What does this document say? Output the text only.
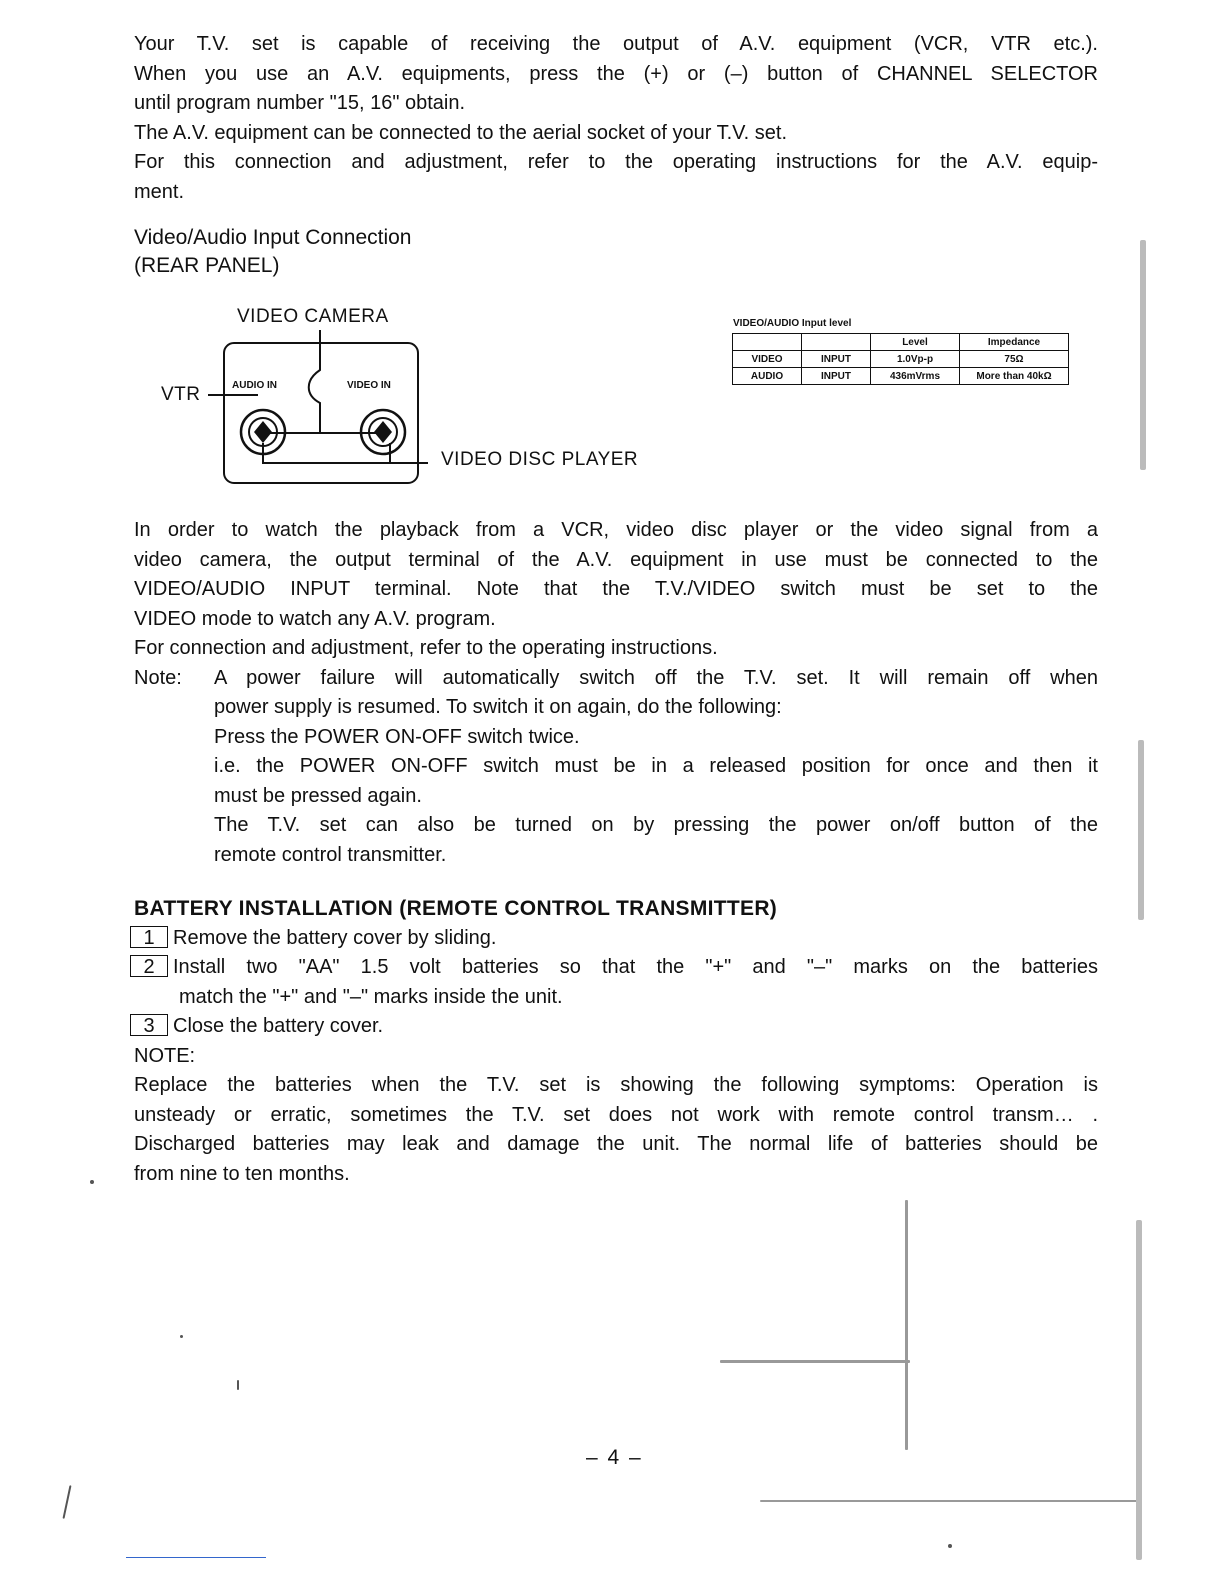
Your T.V. set is capable of receiving the output of A.V. equipment (VCR, VTR etc.).

When you use an A.V. equipments, press the (+) or (–) button of CHANNEL SELECTOR

until program number "15, 16" obtain.

The A.V. equipment can be connected to the aerial socket of your T.V. set.

For this connection and adjustment, refer to the operating instructions for the A.V. equip-

ment.

Video/Audio Input Connection
(REAR PANEL)
VIDEO CAMERA
VTR
VIDEO DISC PLAYER
AUDIO IN	VIDEO IN
VIDEO/AUDIO Input level
		Level	Impedance
VIDEO	INPUT	1.0Vp-p	75Ω
AUDIO	INPUT	436mVrms	More than 40kΩ

In order to watch the playback from a VCR, video disc player or the video signal from a

video camera, the output terminal of the A.V. equipment in use must be connected to the

VIDEO/AUDIO INPUT terminal. Note that the T.V./VIDEO switch must be set to the

VIDEO mode to watch any A.V. program.

For connection and adjustment, refer to the operating instructions.

Note:	A power failure will automatically switch off the T.V. set. It will remain off when

power supply is resumed. To switch it on again, do the following:

Press the POWER ON-OFF switch twice.

i.e. the POWER ON-OFF switch must be in a released position for once and then it

must be pressed again.

The T.V. set can also be turned on by pressing the power on/off button of the

remote control transmitter.

BATTERY INSTALLATION (REMOTE CONTROL TRANSMITTER)

1 Remove the battery cover by sliding.
2 Install two "AA" 1.5 volt batteries so that the "+" and "–" marks on the batteries

match the "+" and "–" marks inside the unit.

3 Close the battery cover.

NOTE:

Replace the batteries when the T.V. set is showing the following symptoms: Operation is

unsteady or erratic, sometimes the T.V. set does not work with remote control transm… .

Discharged batteries may leak and damage the unit. The normal life of batteries should be

from nine to ten months.

– 4 –
